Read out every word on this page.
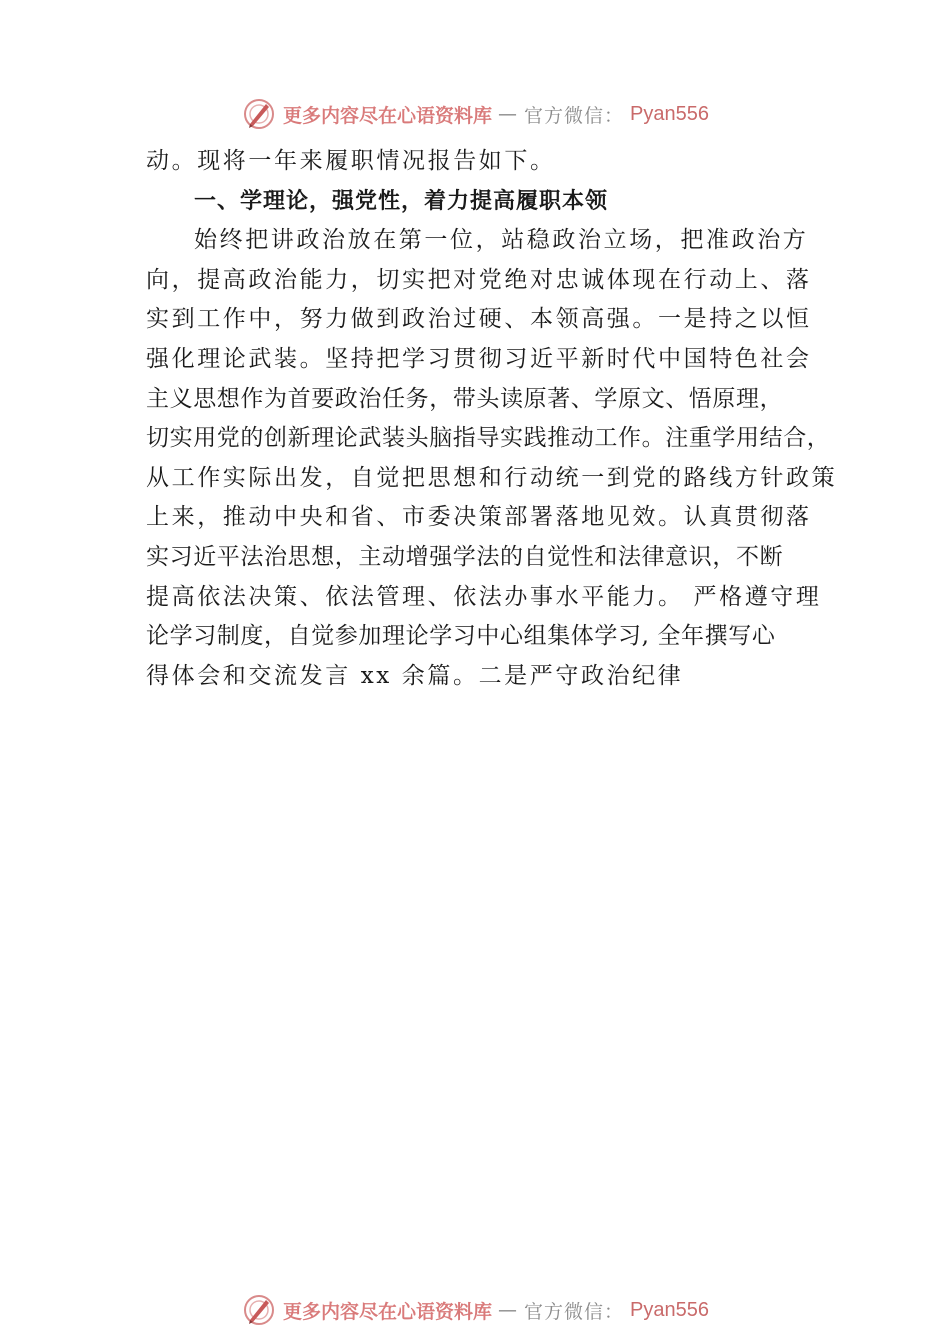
更多内容尽在心语资料库 — 官方微信： Pyan556
动。现将一年来履职情况报告如下。
一、学理论，强党性，着力提高履职本领
始终把讲政治放在第一位，站稳政治立场，把准政治方
向，提高政治能力，切实把对党绝对忠诚体现在行动上、落
实到工作中，努力做到政治过硬、本领高强。一是持之以恒
强化理论武装。坚持把学习贯彻习近平新时代中国特色社会
主义思想作为首要政治任务，带头读原著、学原文、悟原理，
切实用党的创新理论武装头脑指导实践推动工作。注重学用结合，
从工作实际出发，自觉把思想和行动统一到党的路线方针政策
上来，推动中央和省、市委决策部署落地见效。认真贯彻落
实习近平法治思想，主动增强学法的自觉性和法律意识，不断
提高依法决策、依法管理、依法办事水平能力。 严格遵守理
论学习制度，自觉参加理论学习中心组集体学习, 全年撰写心
得体会和交流发言 xx 余篇。二是严守政治纪律
更多内容尽在心语资料库 — 官方微信： Pyan556
